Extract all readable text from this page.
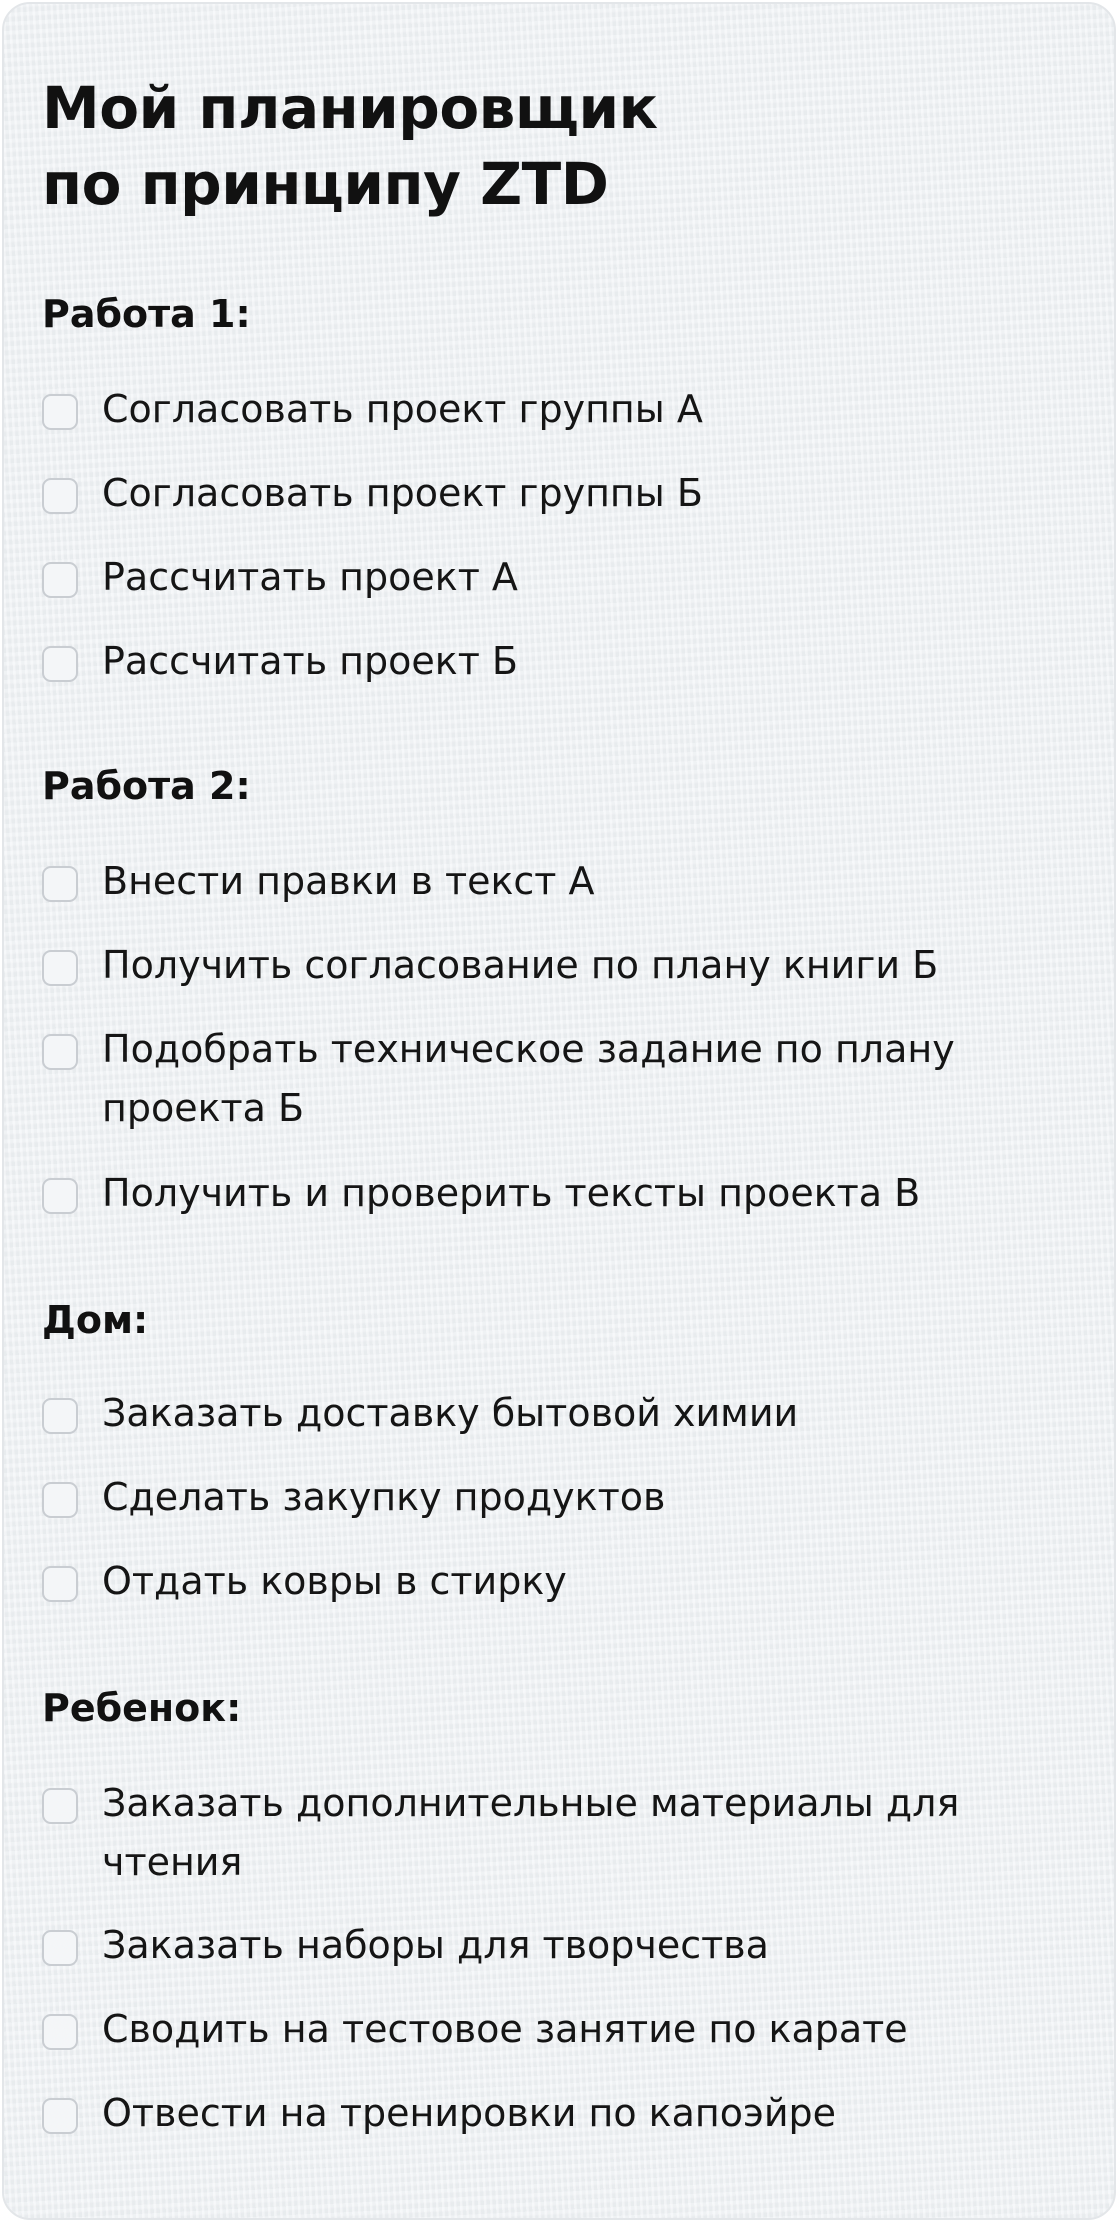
Мой планировщик
по принципу ZTD
Работа 1:
Согласовать проект группы А
Согласовать проект группы Б
Рассчитать проект А
Рассчитать проект Б
Работа 2:
Внести правки в текст А
Получить согласование по плану книги Б
Подобрать техническое задание по плану проекта Б
Получить и проверить тексты проекта В
Дом:
Заказать доставку бытовой химии
Сделать закупку продуктов
Отдать ковры в стирку
Ребенок:
Заказать дополнительные материалы для чтения
Заказать наборы для творчества
Сводить на тестовое занятие по карате
Отвести на тренировки по капоэйре
